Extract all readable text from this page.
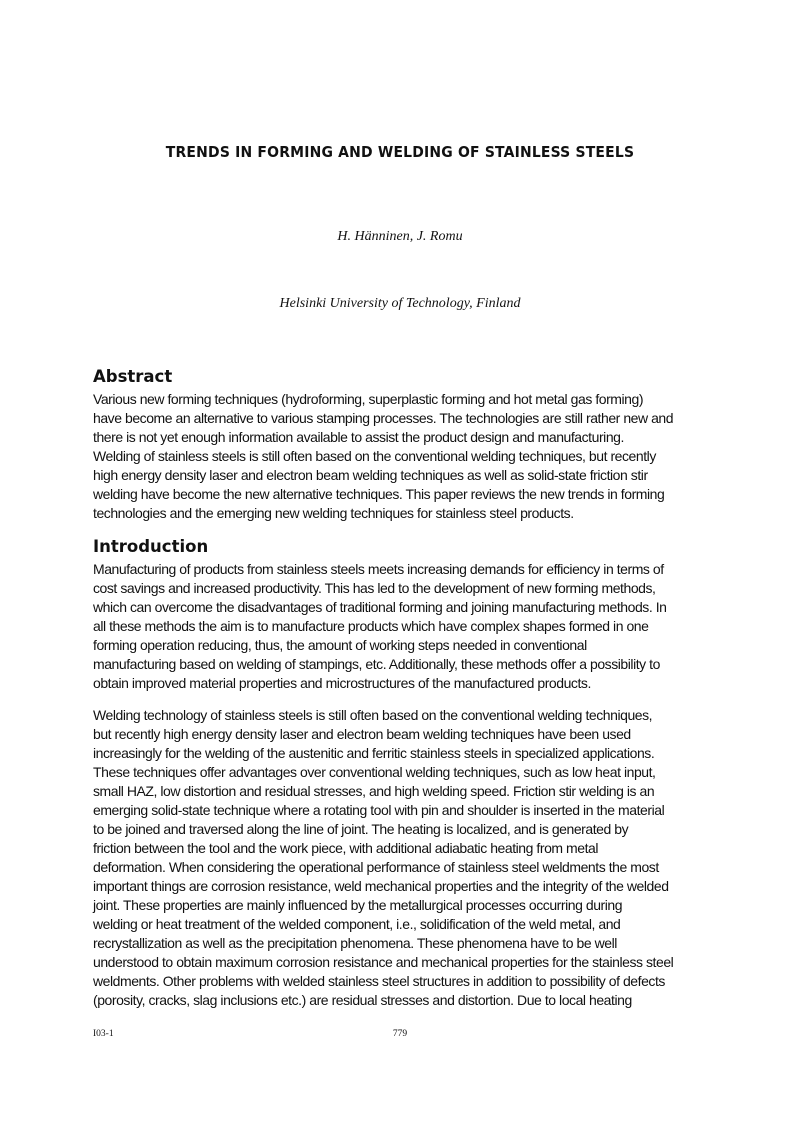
TRENDS IN FORMING AND WELDING OF STAINLESS STEELS

H. Hänninen, J. Romu

Helsinki University of Technology, Finland

Abstract

Various new forming techniques (hydroforming, superplastic forming and hot metal gas forming)
have become an alternative to various stamping processes. The technologies are still rather new and
there is not yet enough information available to assist the product design and manufacturing.
Welding of stainless steels is still often based on the conventional welding techniques, but recently
high energy density laser and electron beam welding techniques as well as solid-state friction stir
welding have become the new alternative techniques. This paper reviews the new trends in forming
technologies and the emerging new welding techniques for stainless steel products.

Introduction

Manufacturing of products from stainless steels meets increasing demands for efficiency in terms of
cost savings and increased productivity. This has led to the development of new forming methods,
which can overcome the disadvantages of traditional forming and joining manufacturing methods. In
all these methods the aim is to manufacture products which have complex shapes formed in one
forming operation reducing, thus, the amount of working steps needed in conventional
manufacturing based on welding of stampings, etc. Additionally, these methods offer a possibility to
obtain improved material properties and microstructures of the manufactured products.

Welding technology of stainless steels is still often based on the conventional welding techniques,
but recently high energy density laser and electron beam welding techniques have been used
increasingly for the welding of the austenitic and ferritic stainless steels in specialized applications.
These techniques offer advantages over conventional welding techniques, such as low heat input,
small HAZ, low distortion and residual stresses, and high welding speed. Friction stir welding is an
emerging solid-state technique where a rotating tool with pin and shoulder is inserted in the material
to be joined and traversed along the line of joint. The heating is localized, and is generated by
friction between the tool and the work piece, with additional adiabatic heating from metal
deformation. When considering the operational performance of stainless steel weldments the most
important things are corrosion resistance, weld mechanical properties and the integrity of the welded
joint. These properties are mainly influenced by the metallurgical processes occurring during
welding or heat treatment of the welded component, i.e., solidification of the weld metal, and
recrystallization as well as the precipitation phenomena. These phenomena have to be well
understood to obtain maximum corrosion resistance and mechanical properties for the stainless steel
weldments. Other problems with welded stainless steel structures in addition to possibility of defects
(porosity, cracks, slag inclusions etc.) are residual stresses and distortion. Due to local heating

I03-1	779
